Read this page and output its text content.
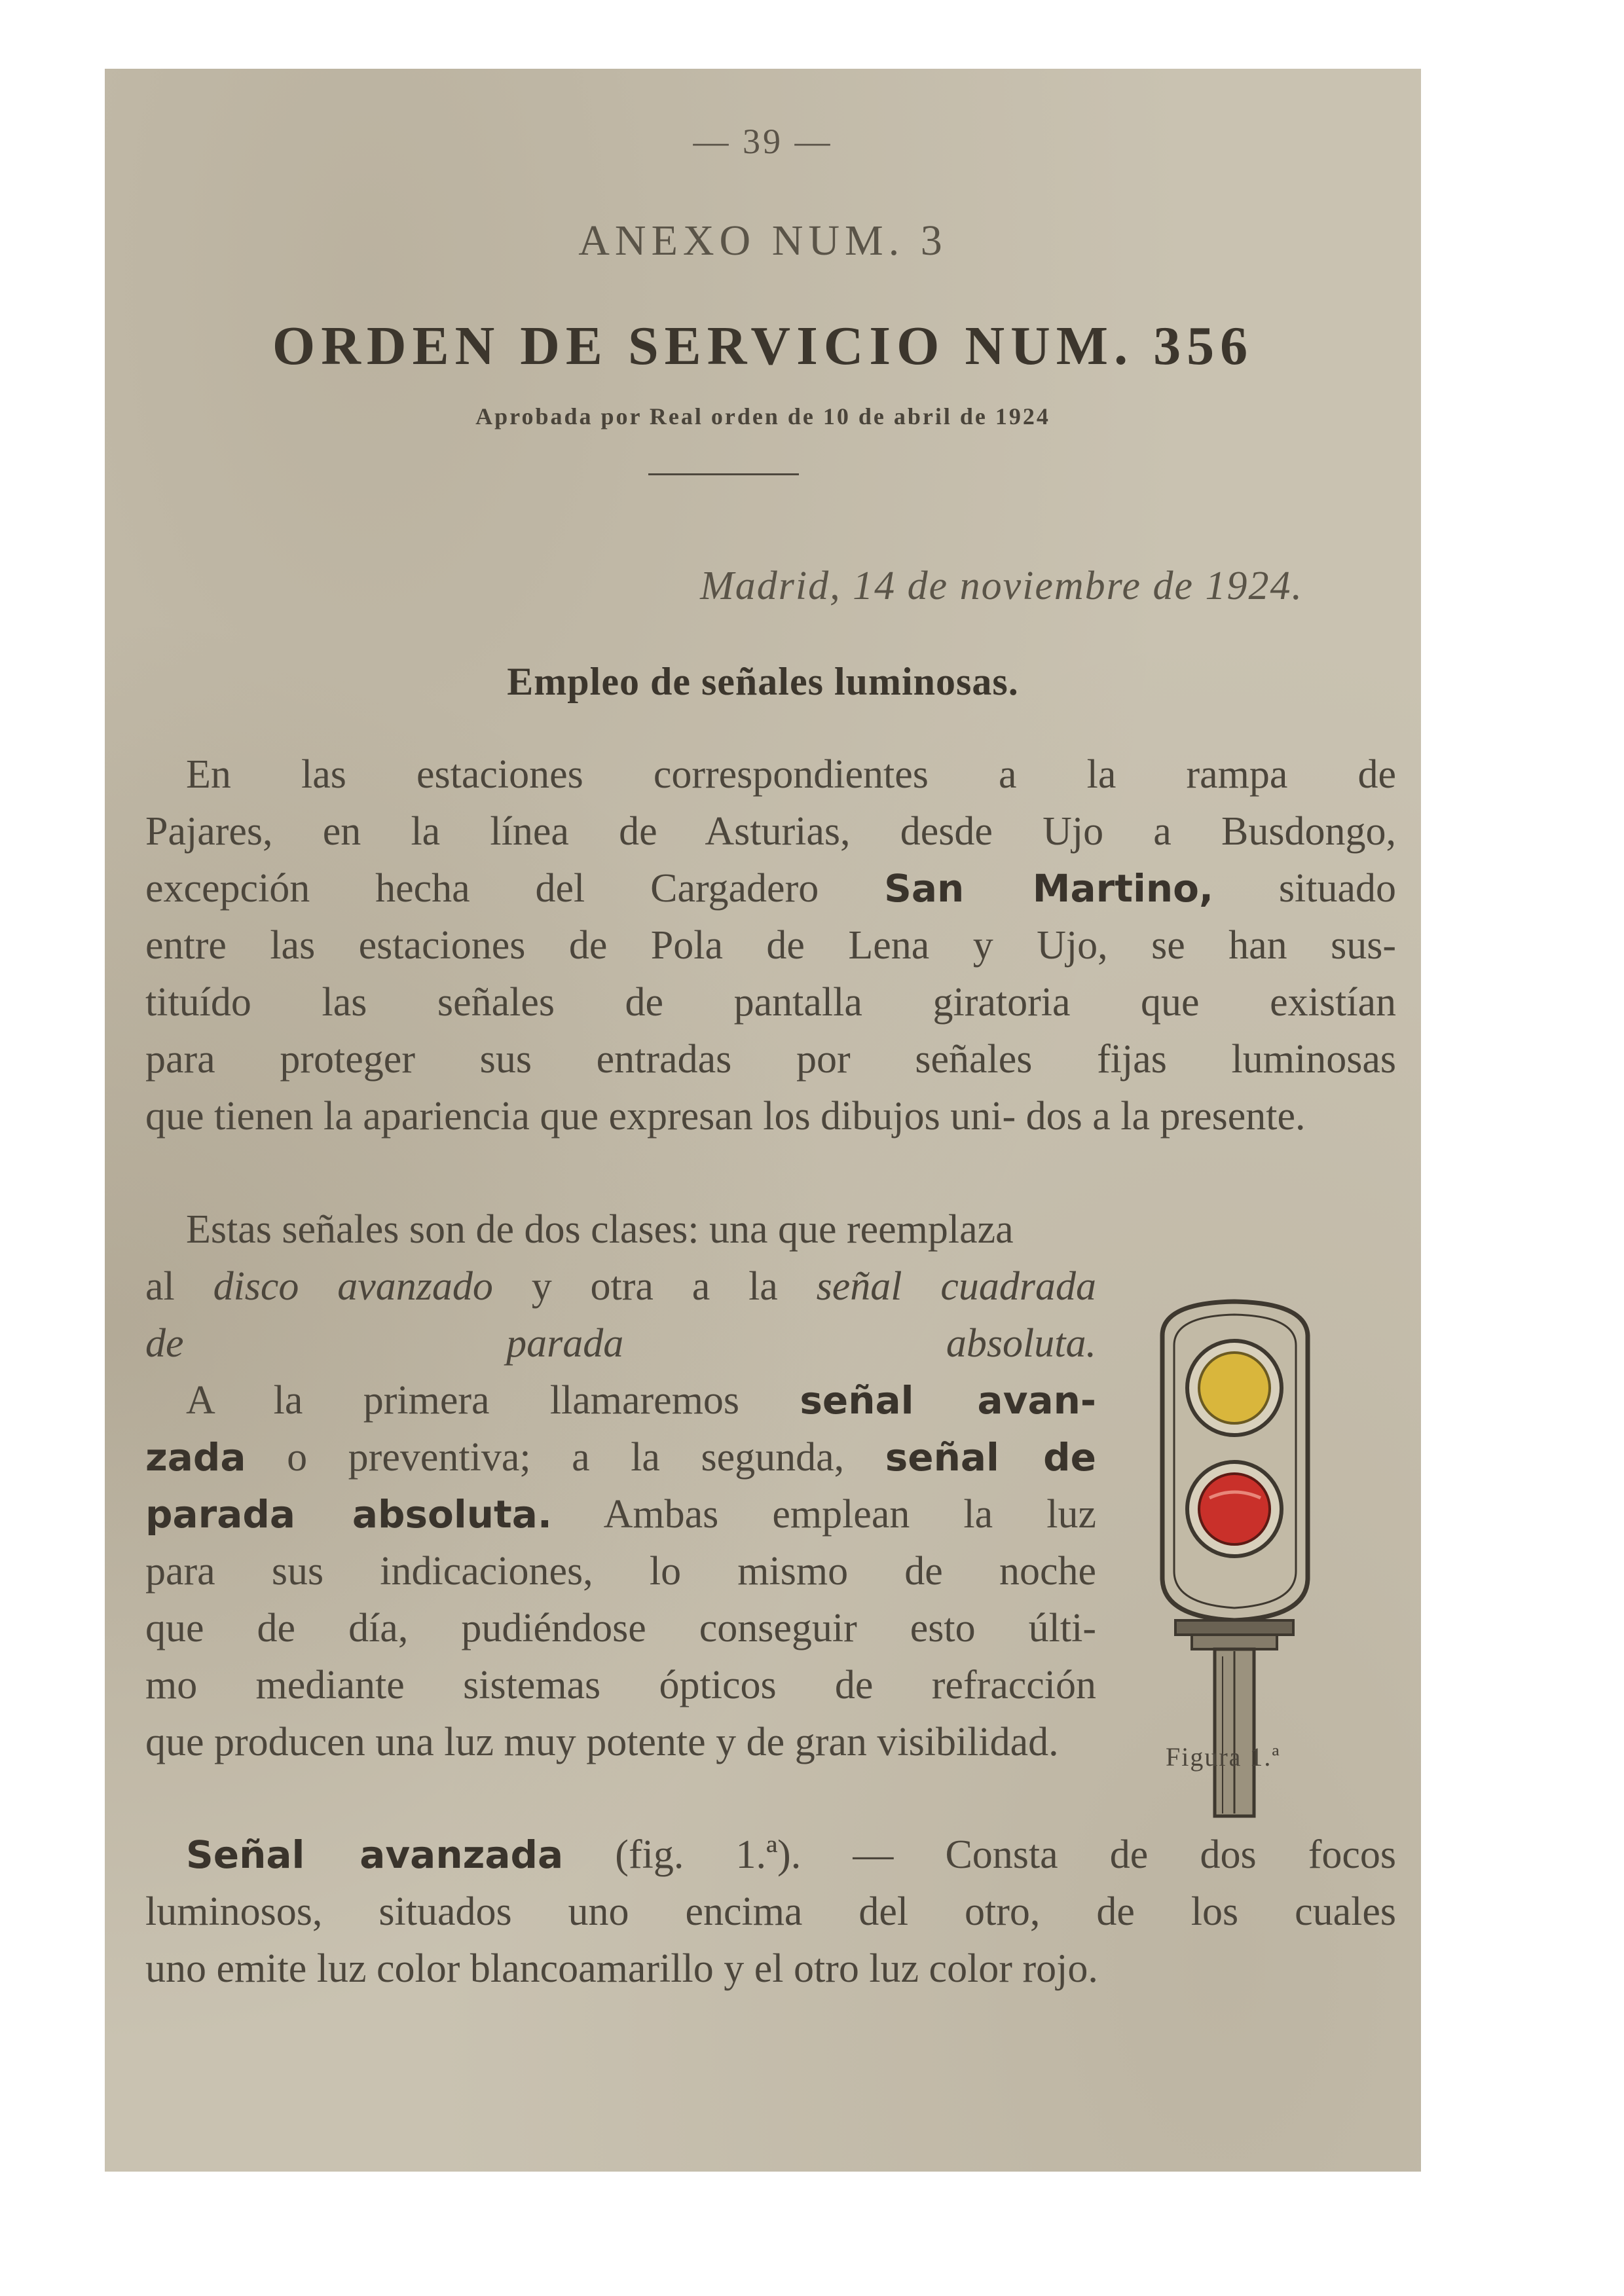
— 39 —
ANEXO NUM. 3
ORDEN DE SERVICIO NUM. 356
Aprobada por Real orden de 10 de abril de 1924
Madrid, 14 de noviembre de 1924.
Empleo de señales luminosas.
En las estaciones correspondientes a la rampa de Pajares, en la línea de Asturias, desde Ujo a Busdongo, excepción hecha del Cargadero San Martino, situado entre las estaciones de Pola de Lena y Ujo, se han sus- tituído las señales de pantalla giratoria que existían para proteger sus entradas por señales fijas luminosas que tienen la apariencia que expresan los dibujos uni- dos a la presente.
Estas señales son de dos clases: una que reemplaza
al disco avanzado y otra a la señal cuadrada de parada absoluta. A la primera llamaremos señal avan- zada o preventiva; a la segunda, señal de parada absoluta. Ambas emplean la luz para sus indicaciones, lo mismo de noche que de día, pudiéndose conseguir esto últi- mo mediante sistemas ópticos de refracción que producen una luz muy potente y de gran visibilidad.	Figura 1.ª
Señal avanzada (fig. 1.ª). — Consta de dos focos luminosos, situados uno encima del otro, de los cuales uno emite luz color blancoamarillo y el otro luz color rojo.
